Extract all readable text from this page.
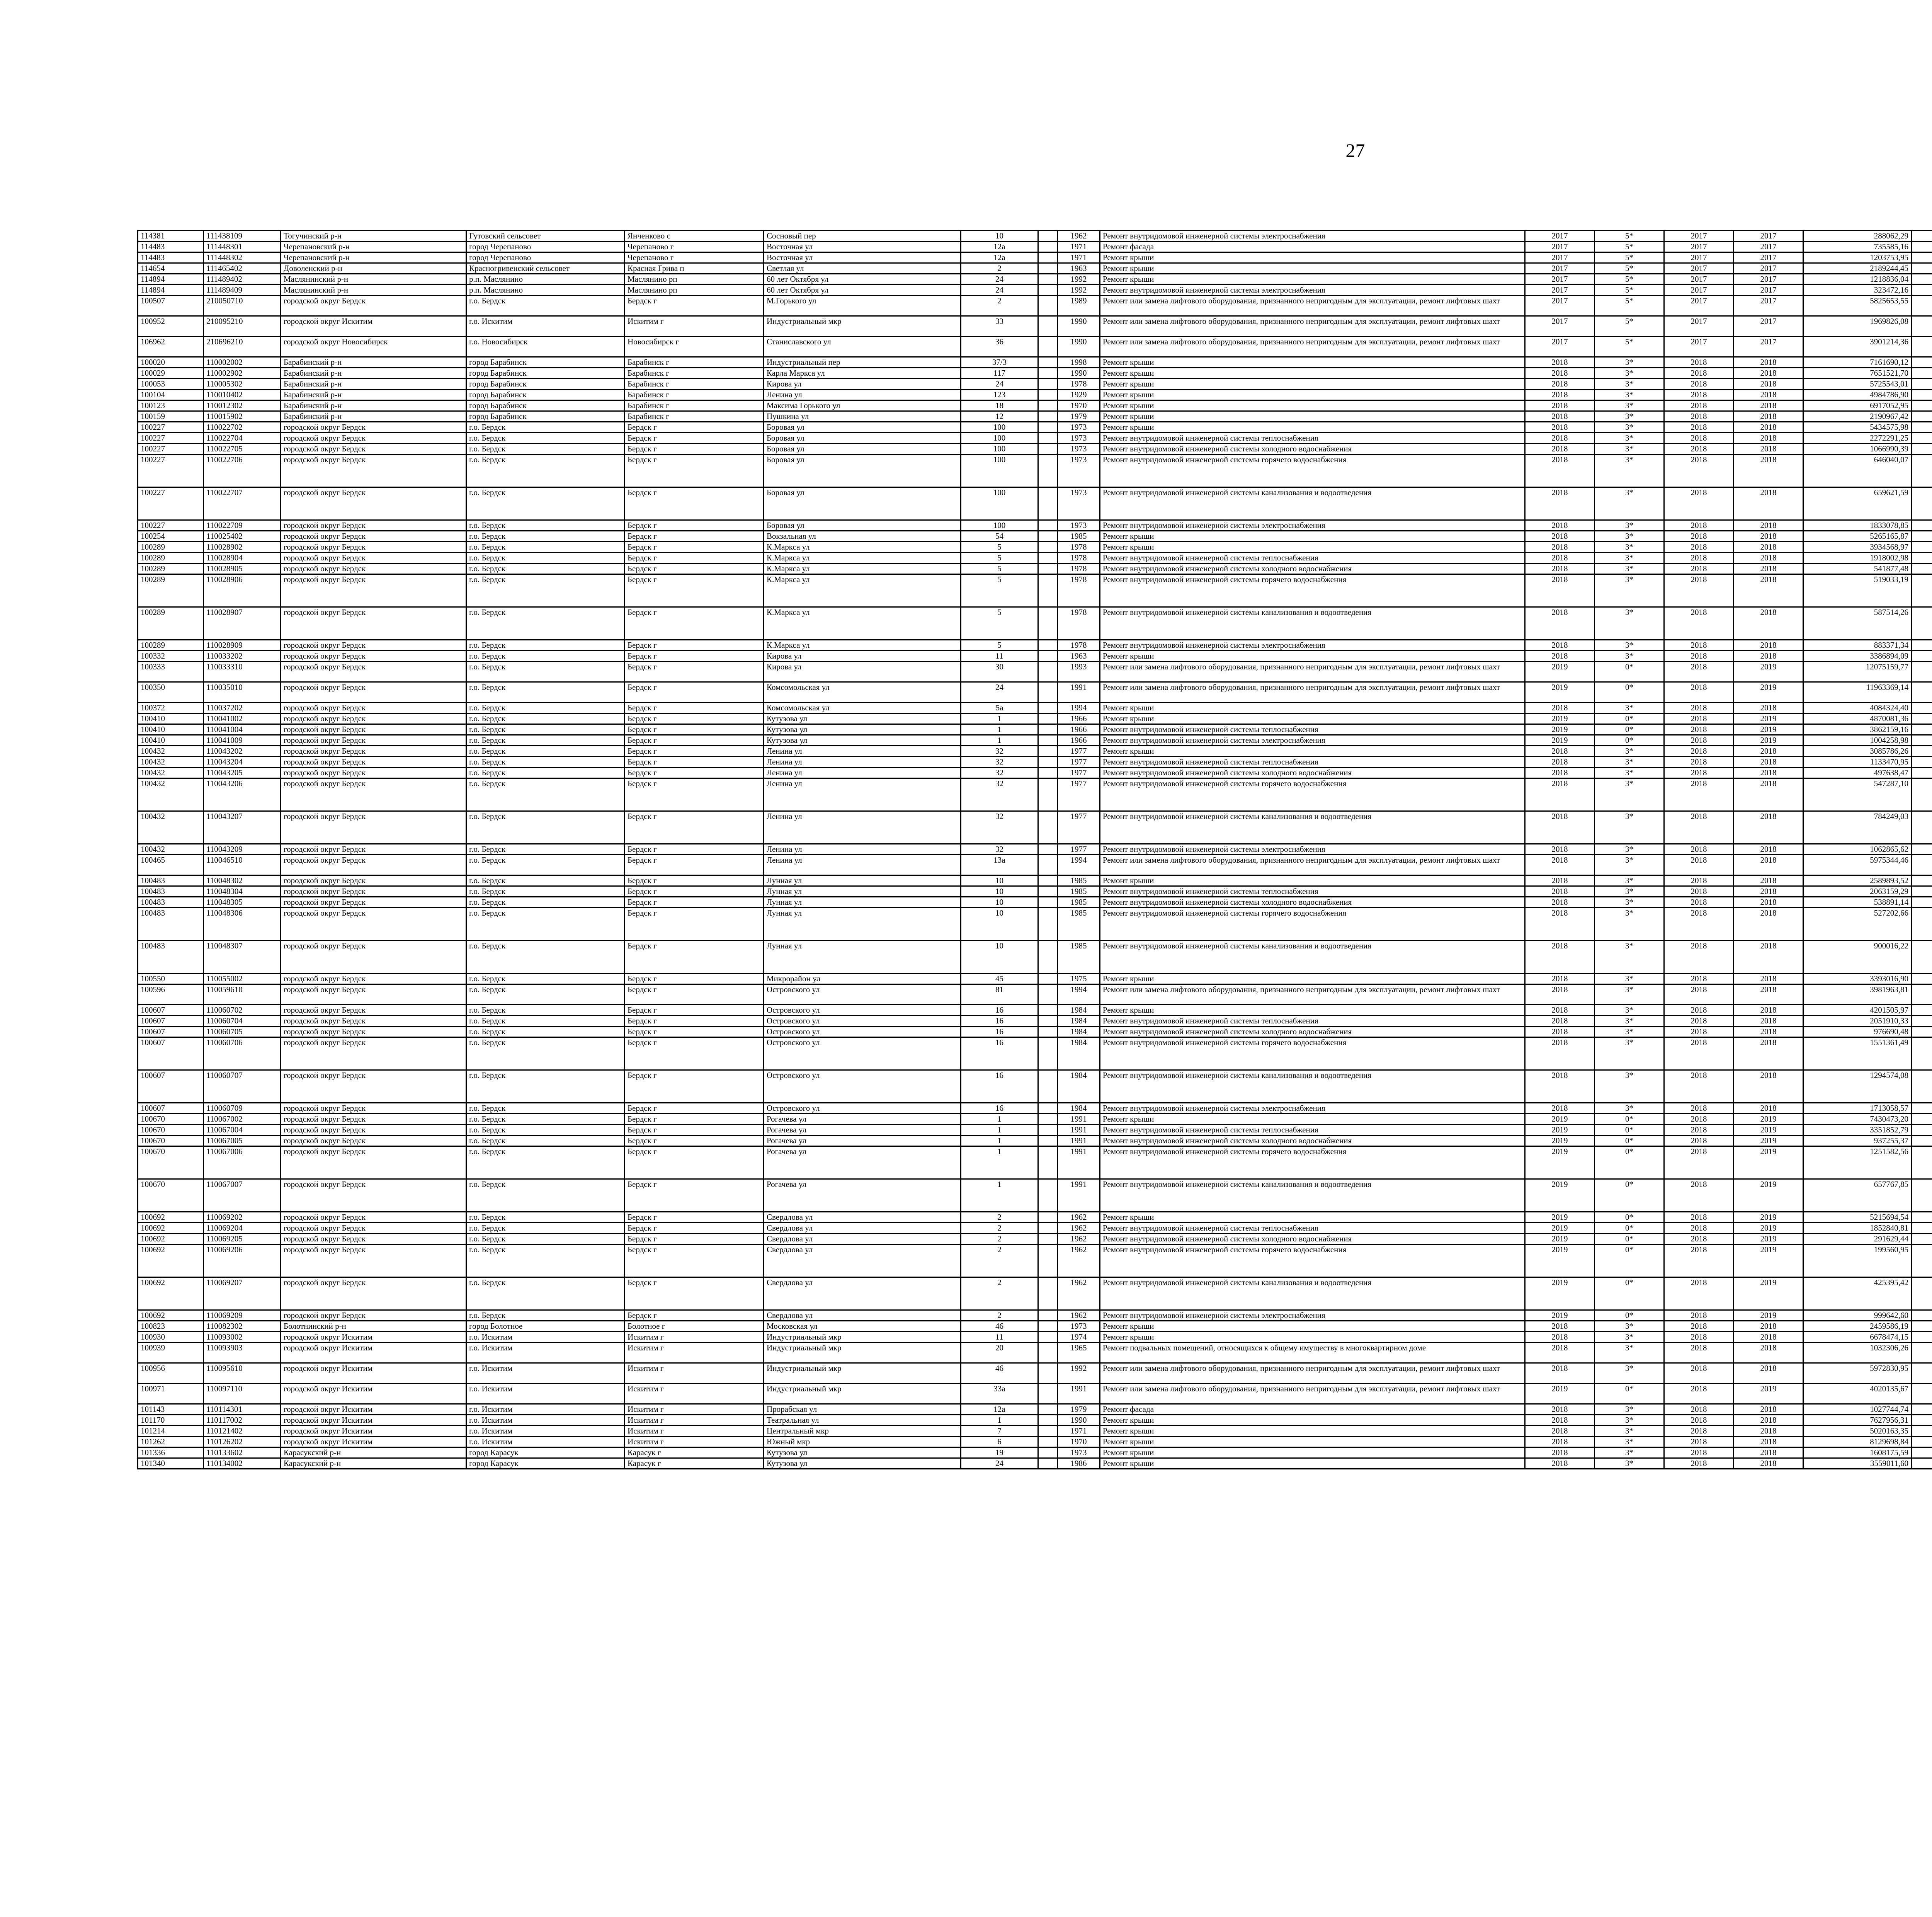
27
114381	111438109	Тогучинский р-н	Гутовский сельсовет	Янченково с	Сосновый пер	10		1962	Ремонт внутридомовой инженерной системы электроснабжения	2017	5*	2017	2017	288062,29									
114483	111448301	Черепановский р-н	город Черепаново	Черепаново г	Восточная ул	12а		1971	Ремонт фасада	2017	5*	2017	2017	735585,16									
114483	111448302	Черепановский р-н	город Черепаново	Черепаново г	Восточная ул	12а		1971	Ремонт крыши	2017	5*	2017	2017	1203753,95									
114654	111465402	Доволенский р-н	Красногривенский сельсовет	Красная Грива п	Светлая ул	2		1963	Ремонт крыши	2017	5*	2017	2017	2189244,45									
114894	111489402	Маслянинский р-н	р.п. Маслянино	Маслянино рп	60 лет Октября ул	24		1992	Ремонт крыши	2017	5*	2017	2017	1218836,04									
114894	111489409	Маслянинский р-н	р.п. Маслянино	Маслянино рп	60 лет Октября ул	24		1992	Ремонт внутридомовой инженерной системы электроснабжения	2017	5*	2017	2017	323472,16									
100507	210050710	городской округ Бердск	г.о. Бердск	Бердск г	М.Горького ул	2		1989	Ремонт или замена лифтового оборудования, признанного непригодным для эксплуатации, ремонт лифтовых шахт	2017	5*	2017	2017	5825653,55									
100952	210095210	городской округ Искитим	г.о. Искитим	Искитим г	Индустриальный мкр	33		1990	Ремонт или замена лифтового оборудования, признанного непригодным для эксплуатации, ремонт лифтовых шахт	2017	5*	2017	2017	1969826,08									
106962	210696210	городской округ Новосибирск	г.о. Новосибирск	Новосибирск г	Станиславского ул	36		1990	Ремонт или замена лифтового оборудования, признанного непригодным для эксплуатации, ремонт лифтовых шахт	2017	5*	2017	2017	3901214,36									
100020	110002002	Барабинский р-н	город Барабинск	Барабинск г	Индустриальный пер	37/3		1998	Ремонт крыши	2018	3*	2018	2018	7161690,12									
100029	110002902	Барабинский р-н	город Барабинск	Барабинск г	Карла Маркса ул	117		1990	Ремонт крыши	2018	3*	2018	2018	7651521,70									
100053	110005302	Барабинский р-н	город Барабинск	Барабинск г	Кирова ул	24		1978	Ремонт крыши	2018	3*	2018	2018	5725543,01									
100104	110010402	Барабинский р-н	город Барабинск	Барабинск г	Ленина ул	123		1929	Ремонт крыши	2018	3*	2018	2018	4984786,90									
100123	110012302	Барабинский р-н	город Барабинск	Барабинск г	Максима Горького ул	18		1970	Ремонт крыши	2018	3*	2018	2018	6917052,95									
100159	110015902	Барабинский р-н	город Барабинск	Барабинск г	Пушкина ул	12		1979	Ремонт крыши	2018	3*	2018	2018	2190967,42									
100227	110022702	городской округ Бердск	г.о. Бердск	Бердск г	Боровая ул	100		1973	Ремонт крыши	2018	3*	2018	2018	5434575,98									
100227	110022704	городской округ Бердск	г.о. Бердск	Бердск г	Боровая ул	100		1973	Ремонт внутридомовой инженерной системы теплоснабжения	2018	3*	2018	2018	2272291,25									
100227	110022705	городской округ Бердск	г.о. Бердск	Бердск г	Боровая ул	100		1973	Ремонт внутридомовой инженерной системы холодного водоснабжения	2018	3*	2018	2018	1066990,39									
100227	110022706	городской округ Бердск	г.о. Бердск	Бердск г	Боровая ул	100		1973	Ремонт внутридомовой инженерной системы горячего водоснабжения	2018	3*	2018	2018	646040,07									
100227	110022707	городской округ Бердск	г.о. Бердск	Бердск г	Боровая ул	100		1973	Ремонт внутридомовой инженерной системы канализования и водоотведения	2018	3*	2018	2018	659621,59									
100227	110022709	городской округ Бердск	г.о. Бердск	Бердск г	Боровая ул	100		1973	Ремонт внутридомовой инженерной системы электроснабжения	2018	3*	2018	2018	1833078,85									
100254	110025402	городской округ Бердск	г.о. Бердск	Бердск г	Вокзальная ул	54		1985	Ремонт крыши	2018	3*	2018	2018	5265165,87									
100289	110028902	городской округ Бердск	г.о. Бердск	Бердск г	К.Маркса ул	5		1978	Ремонт крыши	2018	3*	2018	2018	3934568,97									
100289	110028904	городской округ Бердск	г.о. Бердск	Бердск г	К.Маркса ул	5		1978	Ремонт внутридомовой инженерной системы теплоснабжения	2018	3*	2018	2018	1918002,98									
100289	110028905	городской округ Бердск	г.о. Бердск	Бердск г	К.Маркса ул	5		1978	Ремонт внутридомовой инженерной системы холодного водоснабжения	2018	3*	2018	2018	541877,48									
100289	110028906	городской округ Бердск	г.о. Бердск	Бердск г	К.Маркса ул	5		1978	Ремонт внутридомовой инженерной системы горячего водоснабжения	2018	3*	2018	2018	519033,19									
100289	110028907	городской округ Бердск	г.о. Бердск	Бердск г	К.Маркса ул	5		1978	Ремонт внутридомовой инженерной системы канализования и водоотведения	2018	3*	2018	2018	587514,26									
100289	110028909	городской округ Бердск	г.о. Бердск	Бердск г	К.Маркса ул	5		1978	Ремонт внутридомовой инженерной системы электроснабжения	2018	3*	2018	2018	883371,34									
100332	110033202	городской округ Бердск	г.о. Бердск	Бердск г	Кирова ул	11		1963	Ремонт крыши	2018	3*	2018	2018	3386894,09									
100333	110033310	городской округ Бердск	г.о. Бердск	Бердск г	Кирова ул	30		1993	Ремонт или замена лифтового оборудования, признанного непригодным для эксплуатации, ремонт лифтовых шахт	2019	0*	2018	2019	12075159,77									
100350	110035010	городской округ Бердск	г.о. Бердск	Бердск г	Комсомольская ул	24		1991	Ремонт или замена лифтового оборудования, признанного непригодным для эксплуатации, ремонт лифтовых шахт	2019	0*	2018	2019	11963369,14									
100372	110037202	городской округ Бердск	г.о. Бердск	Бердск г	Комсомольская ул	5а		1994	Ремонт крыши	2018	3*	2018	2018	4084324,40									
100410	110041002	городской округ Бердск	г.о. Бердск	Бердск г	Кутузова ул	1		1966	Ремонт крыши	2019	0*	2018	2019	4870081,36									
100410	110041004	городской округ Бердск	г.о. Бердск	Бердск г	Кутузова ул	1		1966	Ремонт внутридомовой инженерной системы теплоснабжения	2019	0*	2018	2019	3862159,16									
100410	110041009	городской округ Бердск	г.о. Бердск	Бердск г	Кутузова ул	1		1966	Ремонт внутридомовой инженерной системы электроснабжения	2019	0*	2018	2019	1004258,98									
100432	110043202	городской округ Бердск	г.о. Бердск	Бердск г	Ленина ул	32		1977	Ремонт крыши	2018	3*	2018	2018	3085786,26									
100432	110043204	городской округ Бердск	г.о. Бердск	Бердск г	Ленина ул	32		1977	Ремонт внутридомовой инженерной системы теплоснабжения	2018	3*	2018	2018	1133470,95									
100432	110043205	городской округ Бердск	г.о. Бердск	Бердск г	Ленина ул	32		1977	Ремонт внутридомовой инженерной системы холодного водоснабжения	2018	3*	2018	2018	497638,47									
100432	110043206	городской округ Бердск	г.о. Бердск	Бердск г	Ленина ул	32		1977	Ремонт внутридомовой инженерной системы горячего водоснабжения	2018	3*	2018	2018	547287,10									
100432	110043207	городской округ Бердск	г.о. Бердск	Бердск г	Ленина ул	32		1977	Ремонт внутридомовой инженерной системы канализования и водоотведения	2018	3*	2018	2018	784249,03									
100432	110043209	городской округ Бердск	г.о. Бердск	Бердск г	Ленина ул	32		1977	Ремонт внутридомовой инженерной системы электроснабжения	2018	3*	2018	2018	1062865,62									
100465	110046510	городской округ Бердск	г.о. Бердск	Бердск г	Ленина ул	13а		1994	Ремонт или замена лифтового оборудования, признанного непригодным для эксплуатации, ремонт лифтовых шахт	2018	3*	2018	2018	5975344,46									
100483	110048302	городской округ Бердск	г.о. Бердск	Бердск г	Лунная ул	10		1985	Ремонт крыши	2018	3*	2018	2018	2589893,52									
100483	110048304	городской округ Бердск	г.о. Бердск	Бердск г	Лунная ул	10		1985	Ремонт внутридомовой инженерной системы теплоснабжения	2018	3*	2018	2018	2063159,29									
100483	110048305	городской округ Бердск	г.о. Бердск	Бердск г	Лунная ул	10		1985	Ремонт внутридомовой инженерной системы холодного водоснабжения	2018	3*	2018	2018	538891,14									
100483	110048306	городской округ Бердск	г.о. Бердск	Бердск г	Лунная ул	10		1985	Ремонт внутридомовой инженерной системы горячего водоснабжения	2018	3*	2018	2018	527202,66									
100483	110048307	городской округ Бердск	г.о. Бердск	Бердск г	Лунная ул	10		1985	Ремонт внутридомовой инженерной системы канализования и водоотведения	2018	3*	2018	2018	900016,22									
100550	110055002	городской округ Бердск	г.о. Бердск	Бердск г	Микрорайон ул	45		1975	Ремонт крыши	2018	3*	2018	2018	3393016,90									
100596	110059610	городской округ Бердск	г.о. Бердск	Бердск г	Островского ул	81		1994	Ремонт или замена лифтового оборудования, признанного непригодным для эксплуатации, ремонт лифтовых шахт	2018	3*	2018	2018	3981963,81									
100607	110060702	городской округ Бердск	г.о. Бердск	Бердск г	Островского ул	16		1984	Ремонт крыши	2018	3*	2018	2018	4201505,97									
100607	110060704	городской округ Бердск	г.о. Бердск	Бердск г	Островского ул	16		1984	Ремонт внутридомовой инженерной системы теплоснабжения	2018	3*	2018	2018	2051910,33									
100607	110060705	городской округ Бердск	г.о. Бердск	Бердск г	Островского ул	16		1984	Ремонт внутридомовой инженерной системы холодного водоснабжения	2018	3*	2018	2018	976690,48									
100607	110060706	городской округ Бердск	г.о. Бердск	Бердск г	Островского ул	16		1984	Ремонт внутридомовой инженерной системы горячего водоснабжения	2018	3*	2018	2018	1551361,49									
100607	110060707	городской округ Бердск	г.о. Бердск	Бердск г	Островского ул	16		1984	Ремонт внутридомовой инженерной системы канализования и водоотведения	2018	3*	2018	2018	1294574,08									
100607	110060709	городской округ Бердск	г.о. Бердск	Бердск г	Островского ул	16		1984	Ремонт внутридомовой инженерной системы электроснабжения	2018	3*	2018	2018	1713058,57									
100670	110067002	городской округ Бердск	г.о. Бердск	Бердск г	Рогачева ул	1		1991	Ремонт крыши	2019	0*	2018	2019	7430473,20									
100670	110067004	городской округ Бердск	г.о. Бердск	Бердск г	Рогачева ул	1		1991	Ремонт внутридомовой инженерной системы теплоснабжения	2019	0*	2018	2019	3351852,79									
100670	110067005	городской округ Бердск	г.о. Бердск	Бердск г	Рогачева ул	1		1991	Ремонт внутридомовой инженерной системы холодного водоснабжения	2019	0*	2018	2019	937255,37									
100670	110067006	городской округ Бердск	г.о. Бердск	Бердск г	Рогачева ул	1		1991	Ремонт внутридомовой инженерной системы горячего водоснабжения	2019	0*	2018	2019	1251582,56									
100670	110067007	городской округ Бердск	г.о. Бердск	Бердск г	Рогачева ул	1		1991	Ремонт внутридомовой инженерной системы канализования и водоотведения	2019	0*	2018	2019	657767,85									
100692	110069202	городской округ Бердск	г.о. Бердск	Бердск г	Свердлова ул	2		1962	Ремонт крыши	2019	0*	2018	2019	5215694,54									
100692	110069204	городской округ Бердск	г.о. Бердск	Бердск г	Свердлова ул	2		1962	Ремонт внутридомовой инженерной системы теплоснабжения	2019	0*	2018	2019	1852840,81									
100692	110069205	городской округ Бердск	г.о. Бердск	Бердск г	Свердлова ул	2		1962	Ремонт внутридомовой инженерной системы холодного водоснабжения	2019	0*	2018	2019	291629,44									
100692	110069206	городской округ Бердск	г.о. Бердск	Бердск г	Свердлова ул	2		1962	Ремонт внутридомовой инженерной системы горячего водоснабжения	2019	0*	2018	2019	199560,95									
100692	110069207	городской округ Бердск	г.о. Бердск	Бердск г	Свердлова ул	2		1962	Ремонт внутридомовой инженерной системы канализования и водоотведения	2019	0*	2018	2019	425395,42									
100692	110069209	городской округ Бердск	г.о. Бердск	Бердск г	Свердлова ул	2		1962	Ремонт внутридомовой инженерной системы электроснабжения	2019	0*	2018	2019	999642,60									
100823	110082302	Болотнинский р-н	город Болотное	Болотное г	Московская ул	46		1973	Ремонт крыши	2018	3*	2018	2018	2459586,19									
100930	110093002	городской округ Искитим	г.о. Искитим	Искитим г	Индустриальный мкр	11		1974	Ремонт крыши	2018	3*	2018	2018	6678474,15									
100939	110093903	городской округ Искитим	г.о. Искитим	Искитим г	Индустриальный мкр	20		1965	Ремонт подвальных помещений, относящихся к общему имуществу в многоквартирном доме	2018	3*	2018	2018	1032306,26									
100956	110095610	городской округ Искитим	г.о. Искитим	Искитим г	Индустриальный мкр	46		1992	Ремонт или замена лифтового оборудования, признанного непригодным для эксплуатации, ремонт лифтовых шахт	2018	3*	2018	2018	5972830,95									
100971	110097110	городской округ Искитим	г.о. Искитим	Искитим г	Индустриальный мкр	33а		1991	Ремонт или замена лифтового оборудования, признанного непригодным для эксплуатации, ремонт лифтовых шахт	2019	0*	2018	2019	4020135,67									
101143	110114301	городской округ Искитим	г.о. Искитим	Искитим г	Прорабская ул	12а		1979	Ремонт фасада	2018	3*	2018	2018	1027744,74									
101170	110117002	городской округ Искитим	г.о. Искитим	Искитим г	Театральная ул	1		1990	Ремонт крыши	2018	3*	2018	2018	7627956,31									
101214	110121402	городской округ Искитим	г.о. Искитим	Искитим г	Центральный мкр	7		1971	Ремонт крыши	2018	3*	2018	2018	5020163,35									
101262	110126202	городской округ Искитим	г.о. Искитим	Искитим г	Южный мкр	6		1970	Ремонт крыши	2018	3*	2018	2018	8129698,84									
101336	110133602	Карасукский р-н	город Карасук	Карасук г	Кутузова ул	19		1973	Ремонт крыши	2018	3*	2018	2018	1608175,59									
101340	110134002	Карасукский р-н	город Карасук	Карасук г	Кутузова ул	24		1986	Ремонт крыши	2018	3*	2018	2018	3559011,60									
